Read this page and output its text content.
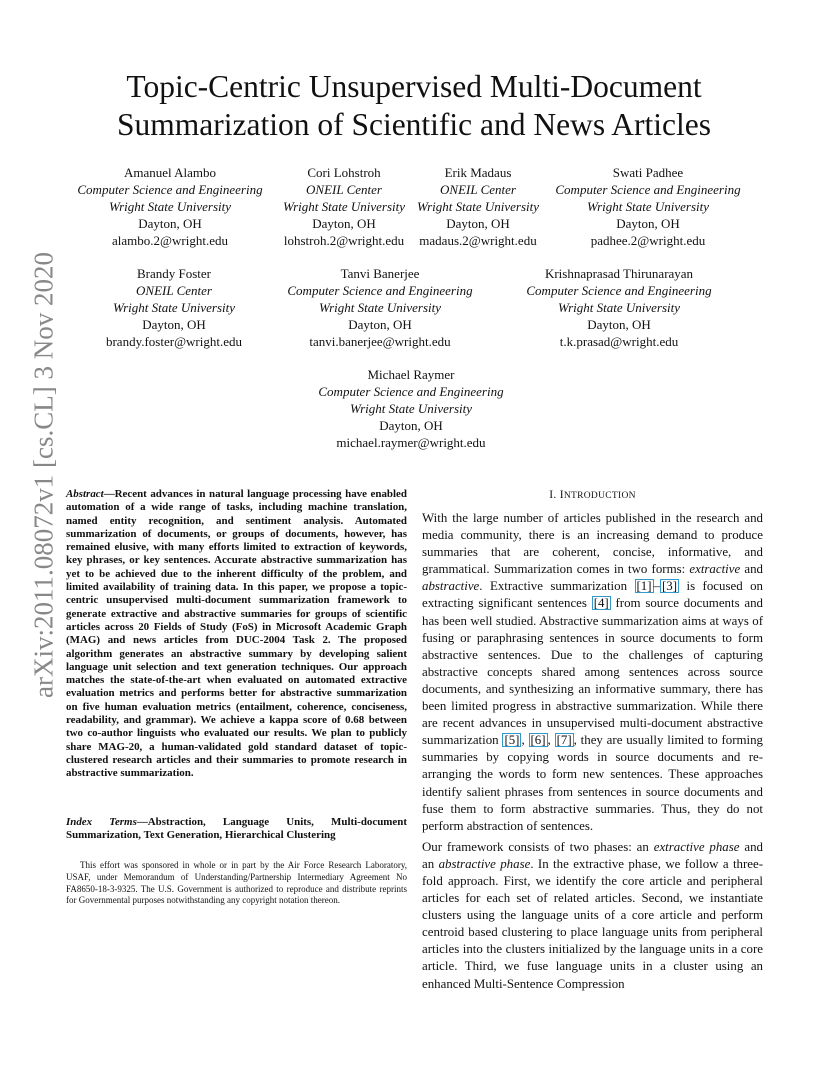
Topic-Centric Unsupervised Multi-Document
Summarization of Scientific and News Articles
Amanuel Alambo
Computer Science and Engineering
Wright State University
Dayton, OH
alambo.2@wright.edu
Cori Lohstroh
ONEIL Center
Wright State University
Dayton, OH
lohstroh.2@wright.edu
Erik Madaus
ONEIL Center
Wright State University
Dayton, OH
madaus.2@wright.edu
Swati Padhee
Computer Science and Engineering
Wright State University
Dayton, OH
padhee.2@wright.edu
Brandy Foster
ONEIL Center
Wright State University
Dayton, OH
brandy.foster@wright.edu
Tanvi Banerjee
Computer Science and Engineering
Wright State University
Dayton, OH
tanvi.banerjee@wright.edu
Krishnaprasad Thirunarayan
Computer Science and Engineering
Wright State University
Dayton, OH
t.k.prasad@wright.edu
Michael Raymer
Computer Science and Engineering
Wright State University
Dayton, OH
michael.raymer@wright.edu
arXiv:2011.08072v1 [cs.CL] 3 Nov 2020 Abstract—Recent advances in natural language processing have enabled automation of a wide range of tasks, including machine translation, named entity recognition, and sentiment analysis. Automated summarization of documents, or groups of documents, however, has remained elusive, with many efforts limited to extraction of keywords, key phrases, or key sentences. Accurate abstractive summarization has yet to be achieved due to the inherent difficulty of the problem, and limited availability of training data. In this paper, we propose a topic-centric unsupervised multi-document summarization framework to generate extractive and abstractive summaries for groups of scientific articles across 20 Fields of Study (FoS) in Microsoft Academic Graph (MAG) and news articles from DUC-2004 Task 2. The proposed algorithm generates an abstractive summary by developing salient language unit selection and text generation techniques. Our approach matches the state-of-the-art when evaluated on automated extractive evaluation metrics and performs better for abstractive summarization on five human evaluation metrics (entailment, coherence, conciseness, readability, and grammar). We achieve a kappa score of 0.68 between two co-author linguists who evaluated our results. We plan to publicly share MAG-20, a human-validated gold standard dataset of topic-clustered research articles and their summaries to promote research in abstractive summarization.
Index Terms—Abstraction, Language Units, Multi-document Summarization, Text Generation, Hierarchical Clustering

This effort was sponsored in whole or in part by the Air Force Research Laboratory, USAF, under Memorandum of Understanding/Partnership Intermediary Agreement No FA8650-18-3-9325. The U.S. Government is authorized to reproduce and distribute reprints for Governmental purposes notwithstanding any copyright notation thereon.

I. INTRODUCTION

With the large number of articles published in the research and media community, there is an increasing demand to produce summaries that are coherent, concise, informative, and grammatical. Summarization comes in two forms: extractive and abstractive. Extractive summarization [1] – [3] is focused on extracting significant sentences [4] from source documents and has been well studied. Abstractive summarization aims at ways of fusing or paraphrasing sentences in source documents to form abstractive sentences. Due to the challenges of capturing abstractive concepts shared among sentences across source documents, and synthesizing an informative summary, there has been limited progress in abstractive summarization. While there are recent advances in unsupervised multi-document abstractive summarization [5] , [6] , [7] , they are usually limited to forming summaries by copying words in source documents and re-arranging the words to form new sentences. These approaches identify salient phrases from sentences in source documents and fuse them to form abstractive summaries. Thus, they do not perform abstraction of sentences.

Our framework consists of two phases: an extractive phase and an abstractive phase. In the extractive phase, we follow a three-fold approach. First, we identify the core article and peripheral articles for each set of related articles. Second, we instantiate clusters using the language units of a core article and perform centroid based clustering to place language units from peripheral articles into the clusters initialized by the language units in a core article. Third, we fuse language units in a cluster using an enhanced Multi-Sentence Compression
